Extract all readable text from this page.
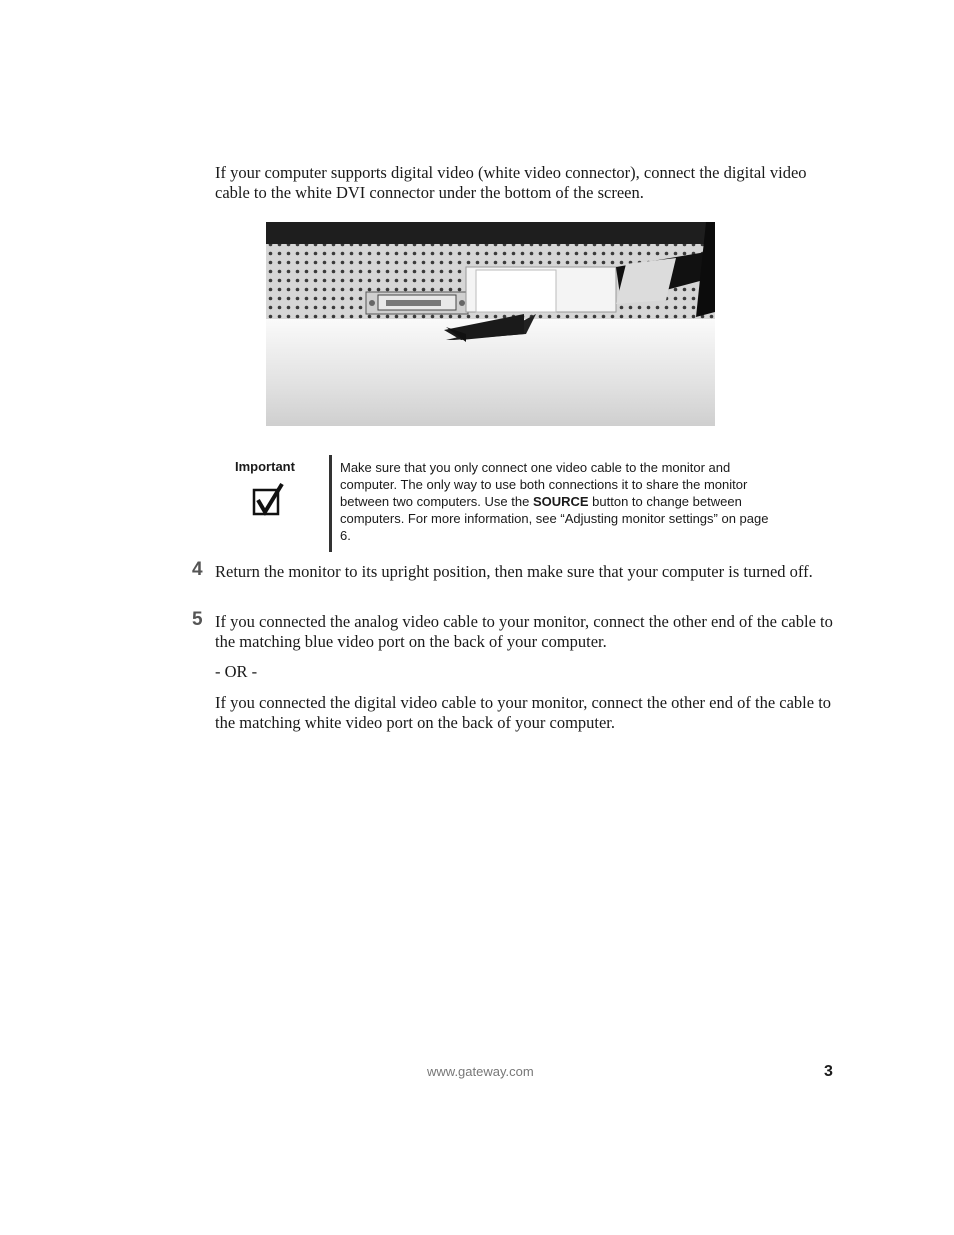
If your computer supports digital video (white video connector), connect the digital video cable to the white DVI connector under the bottom of the screen.
Important	Make sure that you only connect one video cable to the monitor and computer. The only way to use both connections it to share the monitor between two computers. Use the SOURCE button to change between computers. For more information, see “Adjusting monitor settings” on page 6.
4 Return the monitor to its upright position, then make sure that your computer is turned off.
5 If you connected the analog video cable to your monitor, connect the other end of the cable to the matching blue video port on the back of your computer.
- OR -
If you connected the digital video cable to your monitor, connect the other end of the cable to the matching white video port on the back of your computer.
www.gateway.com	3
